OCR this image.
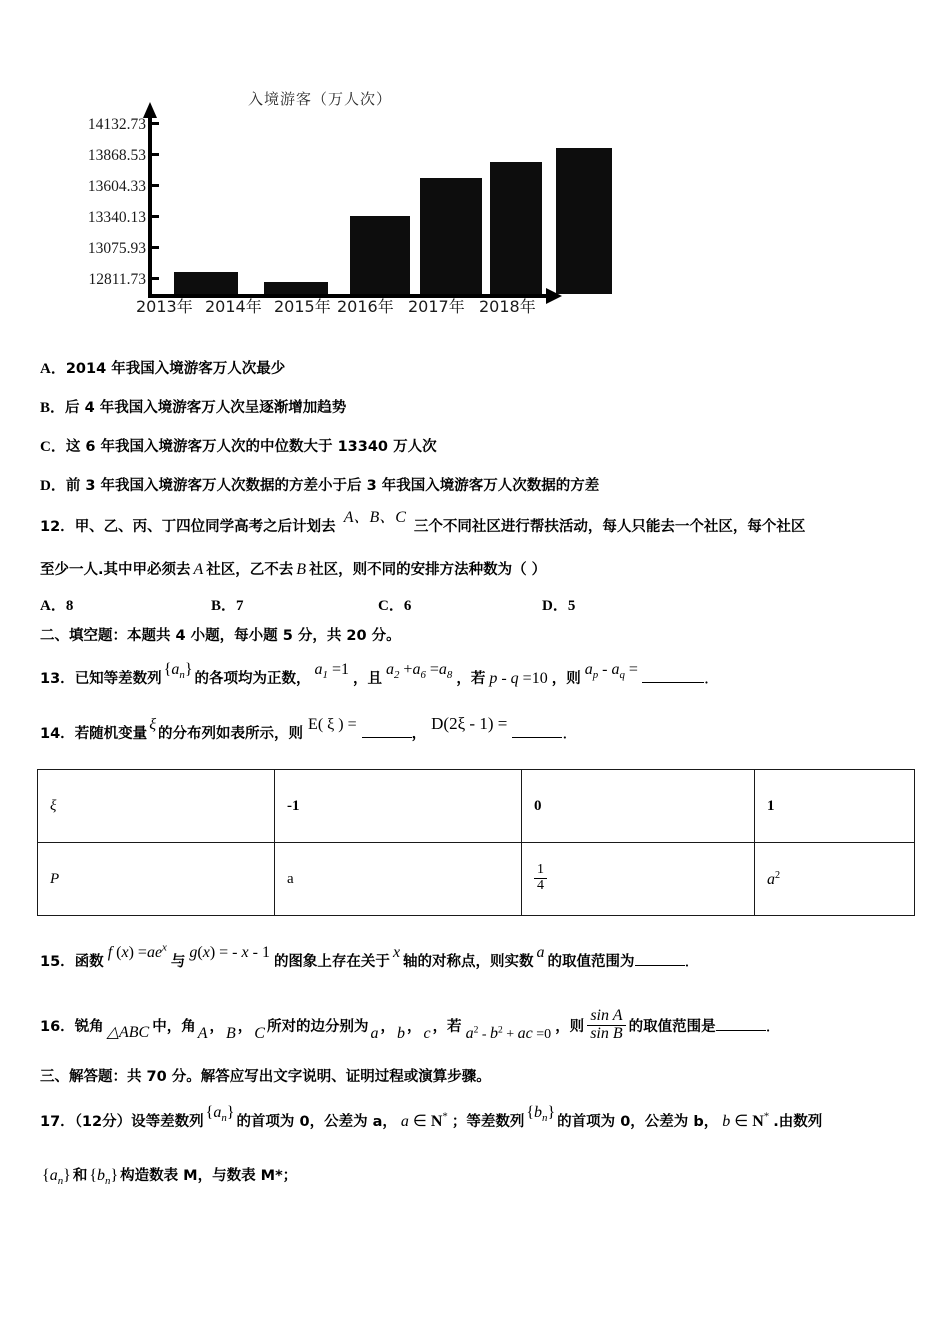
入境游客（万人次）
14132.73
13868.53
13604.33
13340.13
13075.93
12811.73
2013年 2014年 2015年 2016年 2017年 2018年
A．2014 年我国入境游客万人次最少
B．后 4 年我国入境游客万人次呈逐渐增加趋势
C．这 6 年我国入境游客万人次的中位数大于 13340 万人次
D．前 3 年我国入境游客万人次数据的方差小于后 3 年我国入境游客万人次数据的方差
12．甲、乙、丙、丁四位同学高考之后计划去A、B、C三个不同社区进行帮扶活动，每人只能去一个社区，每个社区
至少一人.其中甲必须去 A 社区，乙不去 B 社区，则不同的安排方法种数为（ ）
A．8	B．7	C．6	D．5
二、填空题：本题共 4 小题，每小题 5 分，共 20 分。
13．已知等差数列$\{a_n\}$的各项均为正数，$a_1 =1$，且$a_2 +a_6 =a_8$ ，若 p - q =10 ，则$a_p - a_q$ =．
14．若随机变量ξ的分布列如表所示，则E( ξ ) =，D(2ξ - 1) =．
ξ	-1	0	1
P	a	$\frac{1}{4}$	$a^2$
15．函数f $(x) =ae^x$与g(x) = - x - 1的图象上存在关于x轴的对称点，则实数a的取值范围为	．
16．锐角 △ABC 中，角 A ， B ， C 所对的边分别为 a ， b ， c ，若 $a^2 - b^2$ + ac =0 ，则 $\frac{\text{sin A}}{\text{sin B}}$ 的取值范围是	．
三、解答题：共 70 分。解答应写出文字说明、证明过程或演算步骤。
17．（12分）设等差数列$\{a_n\}$的首项为 0，公差为 a， a ∈ N* ；等差数列$\{b_n\}$的首项为 0，公差为 b， b ∈ N* .由数列
$\{a_n\}$ 和 $\{b_n\}$ 构造数表 M，与数表 M*；
